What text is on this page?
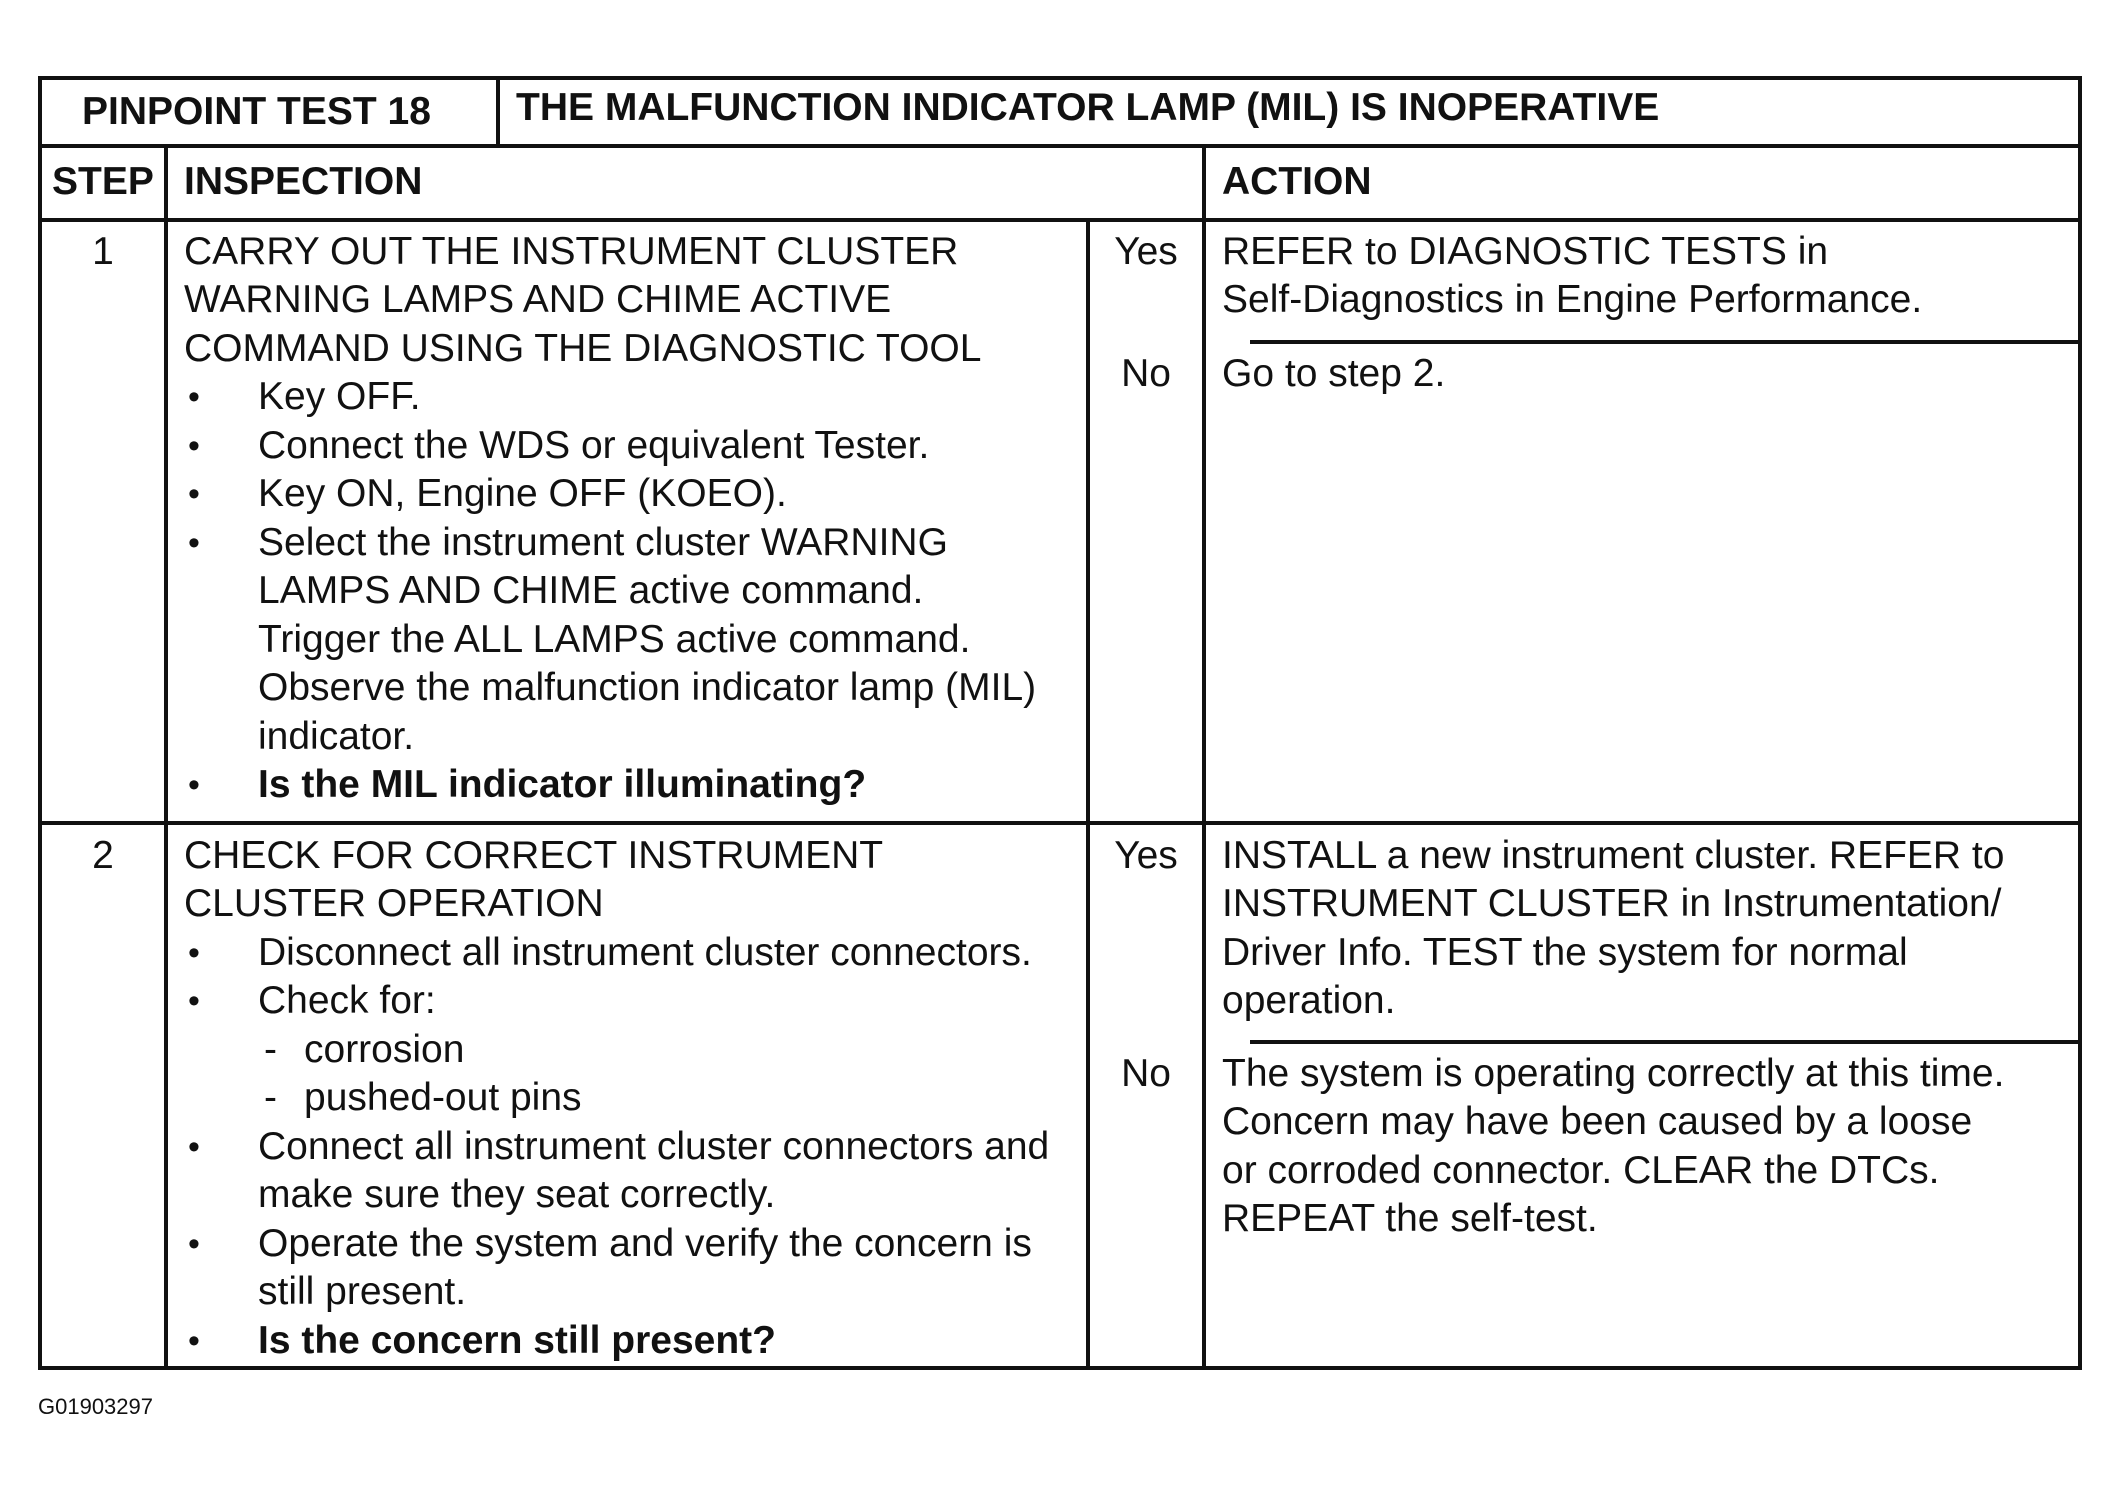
PINPOINT TEST 18 THE MALFUNCTION INDICATOR LAMP (MIL) IS INOPERATIVE
STEP INSPECTION	ACTION
1	CARRY OUT THE INSTRUMENT CLUSTER
WARNING LAMPS AND CHIME ACTIVE
COMMAND USING THE DIAGNOSTIC TOOL
• Key OFF.
• Connect the WDS or equivalent Tester.
• Key ON, Engine OFF (KOEO).
• Select the instrument cluster WARNING
LAMPS AND CHIME active command.
Trigger the ALL LAMPS active command.
Observe the malfunction indicator lamp (MIL)
indicator.
• Is the MIL indicator illuminating?
Yes	REFER to DIAGNOSTIC TESTS in
Self-Diagnostics in Engine Performance.
No	Go to step 2.
2	CHECK FOR CORRECT INSTRUMENT
CLUSTER OPERATION
• Disconnect all instrument cluster connectors.
• Check for:
- corrosion
- pushed-out pins
• Connect all instrument cluster connectors and
make sure they seat correctly.
• Operate the system and verify the concern is
still present.
• Is the concern still present?
Yes	INSTALL a new instrument cluster. REFER to
INSTRUMENT CLUSTER in Instrumentation/
Driver Info. TEST the system for normal
operation.
No	The system is operating correctly at this time.
Concern may have been caused by a loose
or corroded connector. CLEAR the DTCs.
REPEAT the self-test.
G01903297
